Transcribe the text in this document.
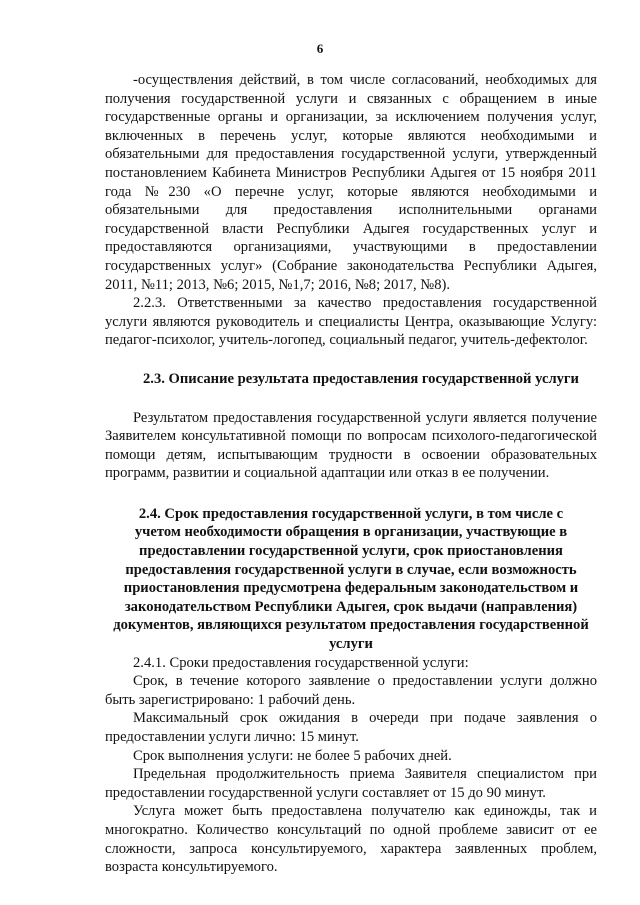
6

-осуществления действий, в том числе согласований, необходимых для

получения государственной услуги и связанных с обращением в иные

государственные органы и организации, за исключением получения услуг,

включенных в перечень услуг, которые являются необходимыми и

обязательными для предоставления государственной услуги, утвержденный

постановлением Кабинета Министров Республики Адыгея от 15 ноября 2011

года №230 «О перечне услуг, которые являются необходимыми и

обязательными для предоставления исполнительными органами

государственной власти Республики Адыгея государственных услуг и

предоставляются организациями, участвующими в предоставлении

государственных услуг» (Собрание законодательства Республики Адыгея,

2011, №11; 2013, №6; 2015, №1,7; 2016, №8; 2017, №8).

2.2.3. Ответственными за качество предоставления государственной

услуги являются руководитель и специалисты Центра, оказывающие Услугу:

педагог-психолог, учитель-логопед, социальный педагог, учитель-дефектолог.

2.3. Описание результата предоставления государственной услуги

Результатом предоставления государственной услуги является получение

Заявителем консультативной помощи по вопросам психолого-педагогической

помощи детям, испытывающим трудности в освоении образовательных

программ, развитии и социальной адаптации или отказ в ее получении.

2.4. Срок предоставления государственной услуги, в том числе с
учетом необходимости обращения в организации, участвующие в
предоставлении государственной услуги, срок приостановления
предоставления государственной услуги в случае, если возможность
приостановления предусмотрена федеральным законодательством и
законодательством Республики Адыгея, срок выдачи (направления)
документов, являющихся результатом предоставления государственной
услуги

2.4.1. Сроки предоставления государственной услуги:

Срок, в течение которого заявление о предоставлении услуги должно

быть зарегистрировано: 1 рабочий день.

Максимальный срок ожидания в очереди при подаче заявления о

предоставлении услуги лично: 15 минут.

Срок выполнения услуги: не более 5 рабочих дней.

Предельная продолжительность приема Заявителя специалистом при

предоставлении государственной услуги составляет от 15 до 90 минут.

Услуга может быть предоставлена получателю как единожды, так и

многократно. Количество консультаций по одной проблеме зависит от ее

сложности, запроса консультируемого, характера заявленных проблем,

возраста консультируемого.
